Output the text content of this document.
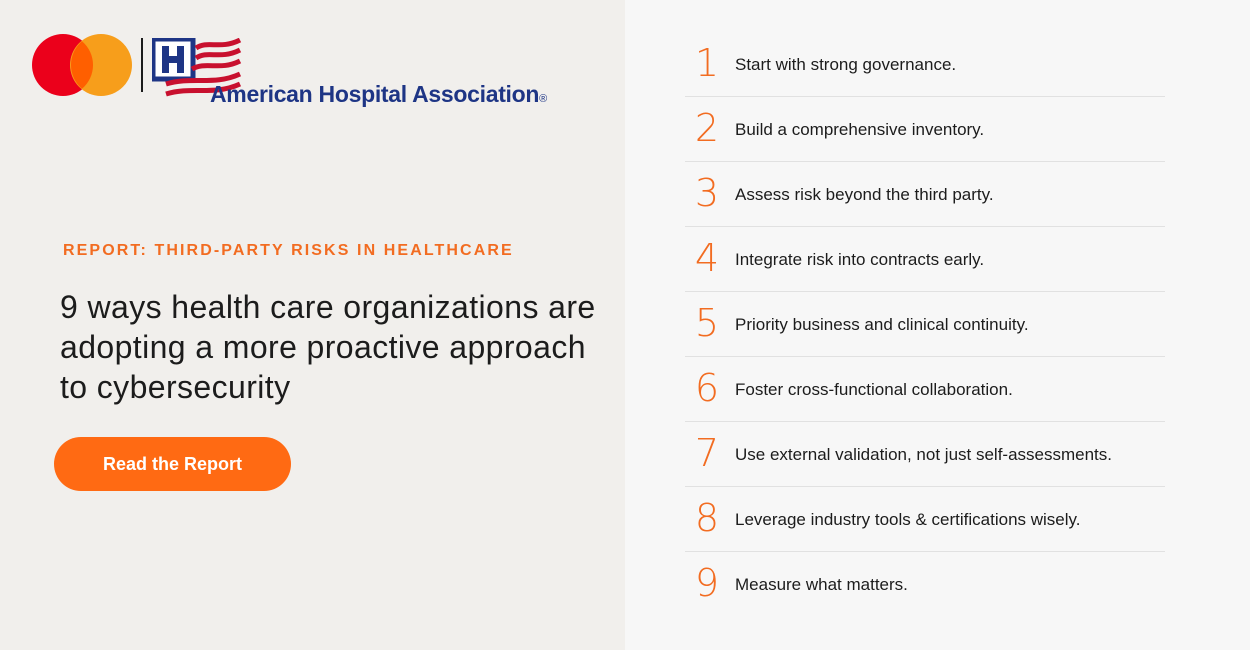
American Hospital Association®
REPORT: THIRD-PARTY RISKS IN HEALTHCARE
9 ways health care organizations are adopting a more proactive approach to cybersecurity
Read the Report
1 Start with strong governance.
2 Build a comprehensive inventory.
3 Assess risk beyond the third party.
4 Integrate risk into contracts early.
5 Priority business and clinical continuity.
6 Foster cross-functional collaboration.
7 Use external validation, not just self-assessments.
8 Leverage industry tools & certifications wisely.
9 Measure what matters.
